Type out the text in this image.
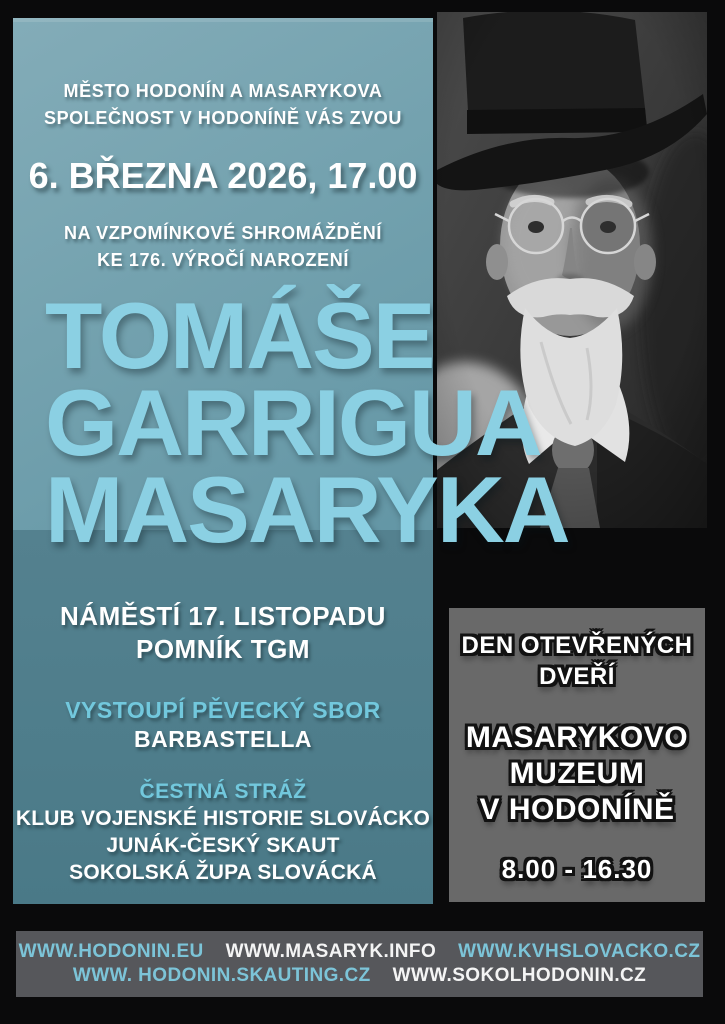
MĚSTO HODONÍN A MASARYKOVA
SPOLEČNOST V HODONÍNĚ VÁS ZVOU
6. BŘEZNA 2026, 17.00
NA VZPOMÍNKOVÉ SHROMÁŽDĚNÍ
KE 176. VÝROČÍ NAROZENÍ
TOMÁŠE
GARRIGUA
MASARYKA
NÁMĚSTÍ 17. LISTOPADU
POMNÍK TGM
VYSTOUPÍ PĚVECKÝ SBOR
BARBASTELLA
ČESTNÁ STRÁŽ
KLUB VOJENSKÉ HISTORIE SLOVÁCKO
JUNÁK-ČESKÝ SKAUT
SOKOLSKÁ ŽUPA SLOVÁCKÁ
DEN OTEVŘENÝCH
DVEŘÍ
MASARYKOVO
MUZEUM
V HODONÍNĚ
8.00 - 16.30
WWW.HODONIN.EU WWW.MASARYK.INFO WWW.KVHSLOVACKO.CZ
WWW. HODONIN.SKAUTING.CZ WWW.SOKOLHODONIN.CZ
